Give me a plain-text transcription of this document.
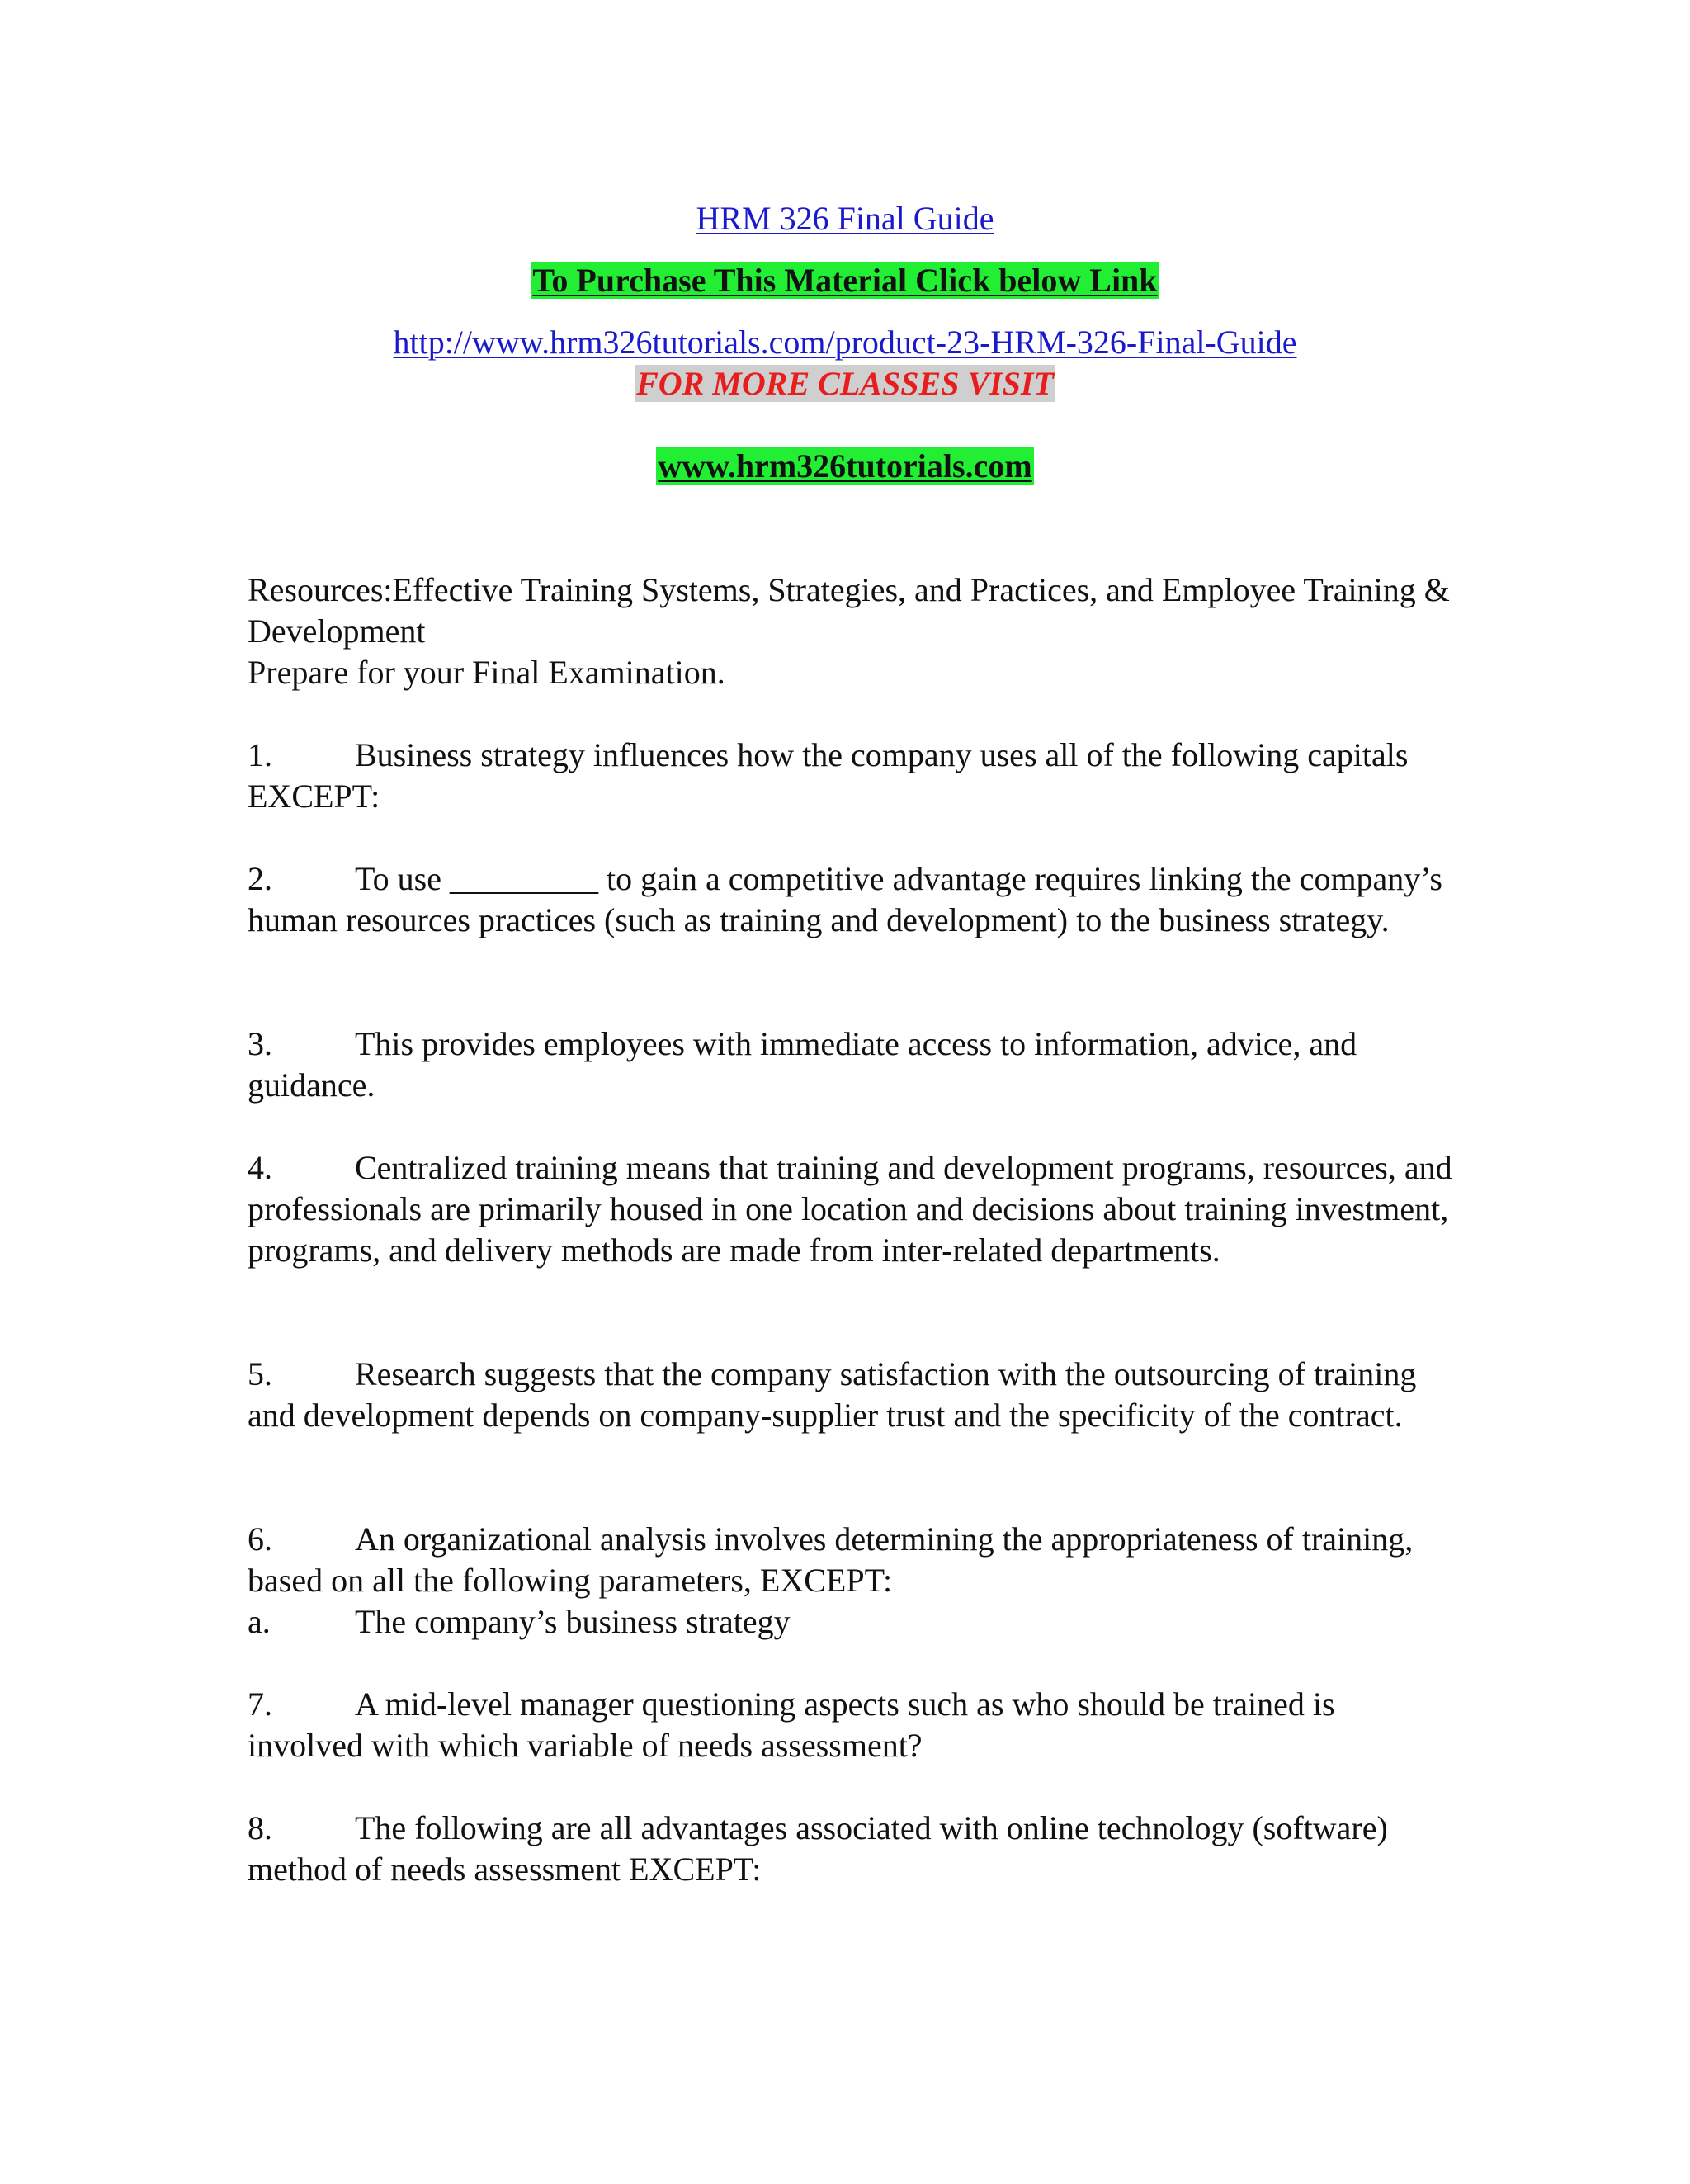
HRM 326 Final Guide
To Purchase This Material Click below Link
http://www.hrm326tutorials.com/product-23-HRM-326-Final-Guide
FOR MORE CLASSES VISIT
www.hrm326tutorials.com

Resources:Effective Training Systems, Strategies, and Practices, and Employee Training & Development

Prepare for your Final Examination.

1.	Business strategy influences how the company uses all of the following capitals EXCEPT:

2.	To use _________ to gain a competitive advantage requires linking the company’s human resources practices (such as training and development) to the business strategy.

3.	This provides employees with immediate access to information, advice, and guidance.

4.	Centralized training means that training and development programs, resources, and professionals are primarily housed in one location and decisions about training investment, programs, and delivery methods are made from inter-related departments.

5.	Research suggests that the company satisfaction with the outsourcing of training and development depends on company-supplier trust and the specificity of the contract.

6.	An organizational analysis involves determining the appropriateness of training, based on all the following parameters, EXCEPT:

a.	The company’s business strategy

7.	A mid-level manager questioning aspects such as who should be trained is involved with which variable of needs assessment?

8.	The following are all advantages associated with online technology (software) method of needs assessment EXCEPT:
